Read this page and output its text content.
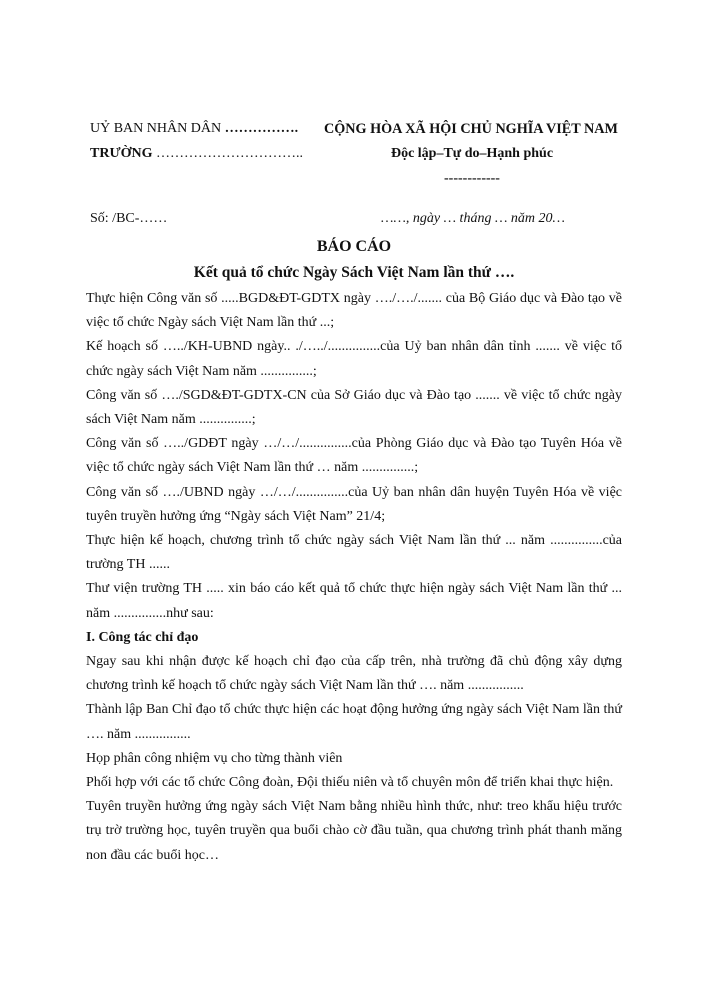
UỶ BAN NHÂN DÂN …………….
TRƯỜNG …………………………..
CỘNG HÒA XÃ HỘI CHỦ NGHĨA VIỆT NAM
Độc lập–Tự do–Hạnh phúc
------------
Số: /BC-……	……, ngày … tháng … năm 20…
BÁO CÁO
Kết quả tổ chức Ngày Sách Việt Nam lần thứ ….

Thực hiện Công văn số .....BGD&ĐT-GDTX ngày …./…./....... của Bộ Giáo dục và Đào tạo về việc tổ chức Ngày sách Việt Nam lần thứ ...;

Kế hoạch số …../KH-UBND ngày.. ./…../...............của Uỷ ban nhân dân tỉnh ....... về việc tổ chức ngày sách Việt Nam năm ...............;

Công văn số …./SGD&ĐT-GDTX-CN của Sở Giáo dục và Đào tạo ....... về việc tổ chức ngày sách Việt Nam năm ...............;

Công văn số …../GDĐT ngày …/…/...............của Phòng Giáo dục và Đào tạo Tuyên Hóa về việc tổ chức ngày sách Việt Nam lần thứ … năm ...............;

Công văn số …./UBND ngày …/…/...............của Uỷ ban nhân dân huyện Tuyên Hóa về việc tuyên truyền hưởng ứng “Ngày sách Việt Nam” 21/4;

Thực hiện kế hoạch, chương trình tổ chức ngày sách Việt Nam lần thứ ... năm ...............của trường TH ......

Thư viện trường TH ..... xin báo cáo kết quả tổ chức thực hiện ngày sách Việt Nam lần thứ ... năm ...............như sau:

I. Công tác chỉ đạo

Ngay sau khi nhận được kế hoạch chỉ đạo của cấp trên, nhà trường đã chủ động xây dựng chương trình kế hoạch tổ chức ngày sách Việt Nam lần thứ …. năm ................

Thành lập Ban Chỉ đạo tổ chức thực hiện các hoạt động hưởng ứng ngày sách Việt Nam lần thứ …. năm ................

Họp phân công nhiệm vụ cho từng thành viên

Phối hợp với các tổ chức Công đoàn, Đội thiếu niên và tổ chuyên môn để triển khai thực hiện.

Tuyên truyền hưởng ứng ngày sách Việt Nam bằng nhiều hình thức, như: treo khẩu hiệu trước trụ trờ trường học, tuyên truyền qua buổi chào cờ đầu tuần, qua chương trình phát thanh măng non đầu các buổi học…
